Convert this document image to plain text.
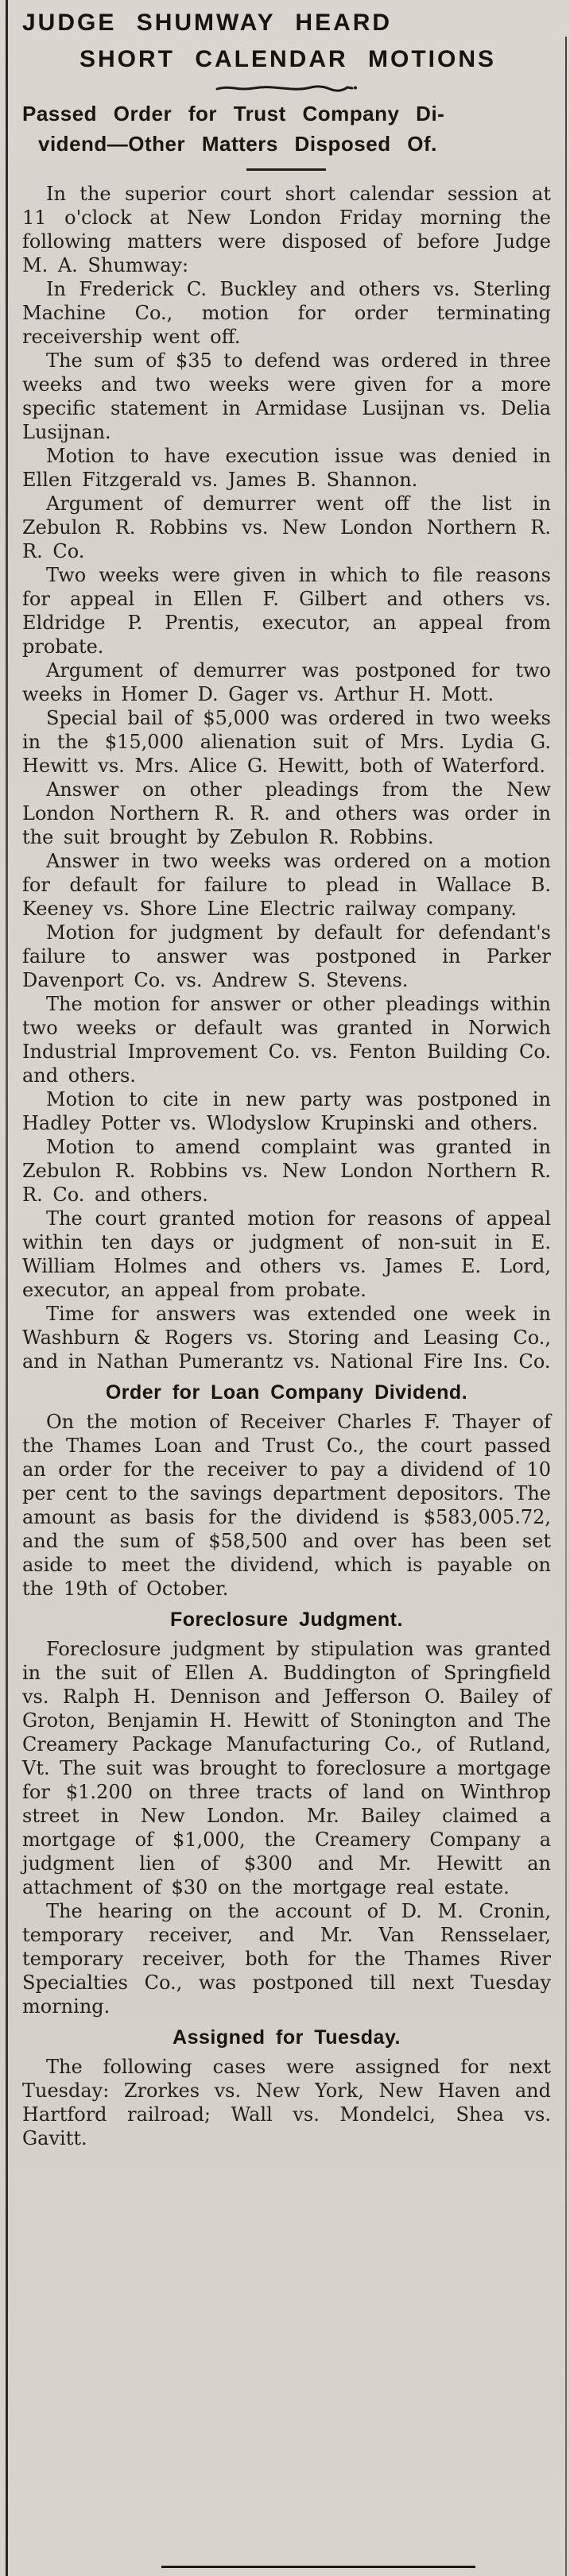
JUDGE SHUMWAY HEARD
SHORT CALENDAR MOTIONS
Passed Order for Trust Company Di-
vidend—Other Matters Disposed Of.

In the superior court short calendar session at 11 o'clock at New London Friday morning the following matters were disposed of before Judge M. A. Shumway:

In Frederick C. Buckley and others vs. Sterling Machine Co., motion for order terminating receivership went off.

The sum of $35 to defend was ordered in three weeks and two weeks were given for a more specific statement in Armidase Lusijnan vs. Delia Lusijnan.

Motion to have execution issue was denied in Ellen Fitzgerald vs. James B. Shannon.

Argument of demurrer went off the list in Zebulon R. Robbins vs. New London Northern R. R. Co.

Two weeks were given in which to file reasons for appeal in Ellen F. Gilbert and others vs. Eldridge P. Prentis, executor, an appeal from probate.

Argument of demurrer was postponed for two weeks in Homer D. Gager vs. Arthur H. Mott.

Special bail of $5,000 was ordered in two weeks in the $15,000 alienation suit of Mrs. Lydia G. Hewitt vs. Mrs. Alice G. Hewitt, both of Waterford.

Answer on other pleadings from the New London Northern R. R. and others was order in the suit brought by Zebulon R. Robbins.

Answer in two weeks was ordered on a motion for default for failure to plead in Wallace B. Keeney vs. Shore Line Electric railway company.

Motion for judgment by default for defendant's failure to answer was postponed in Parker Davenport Co. vs. Andrew S. Stevens.

The motion for answer or other pleadings within two weeks or default was granted in Norwich Industrial Improvement Co. vs. Fenton Building Co. and others.

Motion to cite in new party was postponed in Hadley Potter vs. Wlodyslow Krupinski and others.

Motion to amend complaint was granted in Zebulon R. Robbins vs. New London Northern R. R. Co. and others.

The court granted motion for reasons of appeal within ten days or judgment of non-suit in E. William Holmes and others vs. James E. Lord, executor, an appeal from probate.

Time for answers was extended one week in Washburn & Rogers vs. Storing and Leasing Co., and in Nathan Pumerantz vs. National Fire Ins. Co.

Order for Loan Company Dividend.

On the motion of Receiver Charles F. Thayer of the Thames Loan and Trust Co., the court passed an order for the receiver to pay a dividend of 10 per cent to the savings department depositors. The amount as basis for the dividend is $583,005.72, and the sum of $58,500 and over has been set aside to meet the dividend, which is payable on the 19th of October.

Foreclosure Judgment.

Foreclosure judgment by stipulation was granted in the suit of Ellen A. Buddington of Springfield vs. Ralph H. Dennison and Jefferson O. Bailey of Groton, Benjamin H. Hewitt of Stonington and The Creamery Package Manufacturing Co., of Rutland, Vt. The suit was brought to foreclosure a mortgage for $1.200 on three tracts of land on Winthrop street in New London. Mr. Bailey claimed a mortgage of $1,000, the Creamery Company a judgment lien of $300 and Mr. Hewitt an attachment of $30 on the mortgage real estate.

The hearing on the account of D. M. Cronin, temporary receiver, and Mr. Van Rensselaer, temporary receiver, both for the Thames River Specialties Co., was postponed till next Tuesday morning.

Assigned for Tuesday.

The following cases were assigned for next Tuesday: Zrorkes vs. New York, New Haven and Hartford railroad; Wall vs. Mondelci, Shea vs. Gavitt.
